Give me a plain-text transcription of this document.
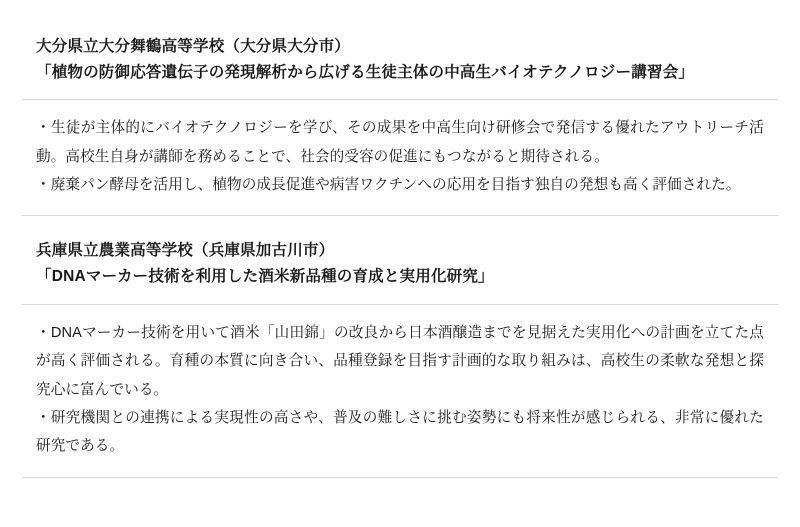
大分県立大分舞鶴高等学校（大分県大分市）
「植物の防御応答遺伝子の発現解析から広げる生徒主体の中高生バイオテクノロジー講習会」

・生徒が主体的にバイオテクノロジーを学び、その成果を中高生向け研修会で発信する優れたアウトリーチ活動。高校生自身が講師を務めることで、社会的受容の促進にもつながると期待される。

・廃棄パン酵母を活用し、植物の成長促進や病害ワクチンへの応用を目指す独自の発想も高く評価された。

兵庫県立農業高等学校（兵庫県加古川市）
「DNAマーカー技術を利用した酒米新品種の育成と実用化研究」

・DNAマーカー技術を用いて酒米「山田錦」の改良から日本酒醸造までを見据えた実用化への計画を立てた点が高く評価される。育種の本質に向き合い、品種登録を目指す計画的な取り組みは、高校生の柔軟な発想と探究心に富んでいる。

・研究機関との連携による実現性の高さや、普及の難しさに挑む姿勢にも将来性が感じられる、非常に優れた研究である。
